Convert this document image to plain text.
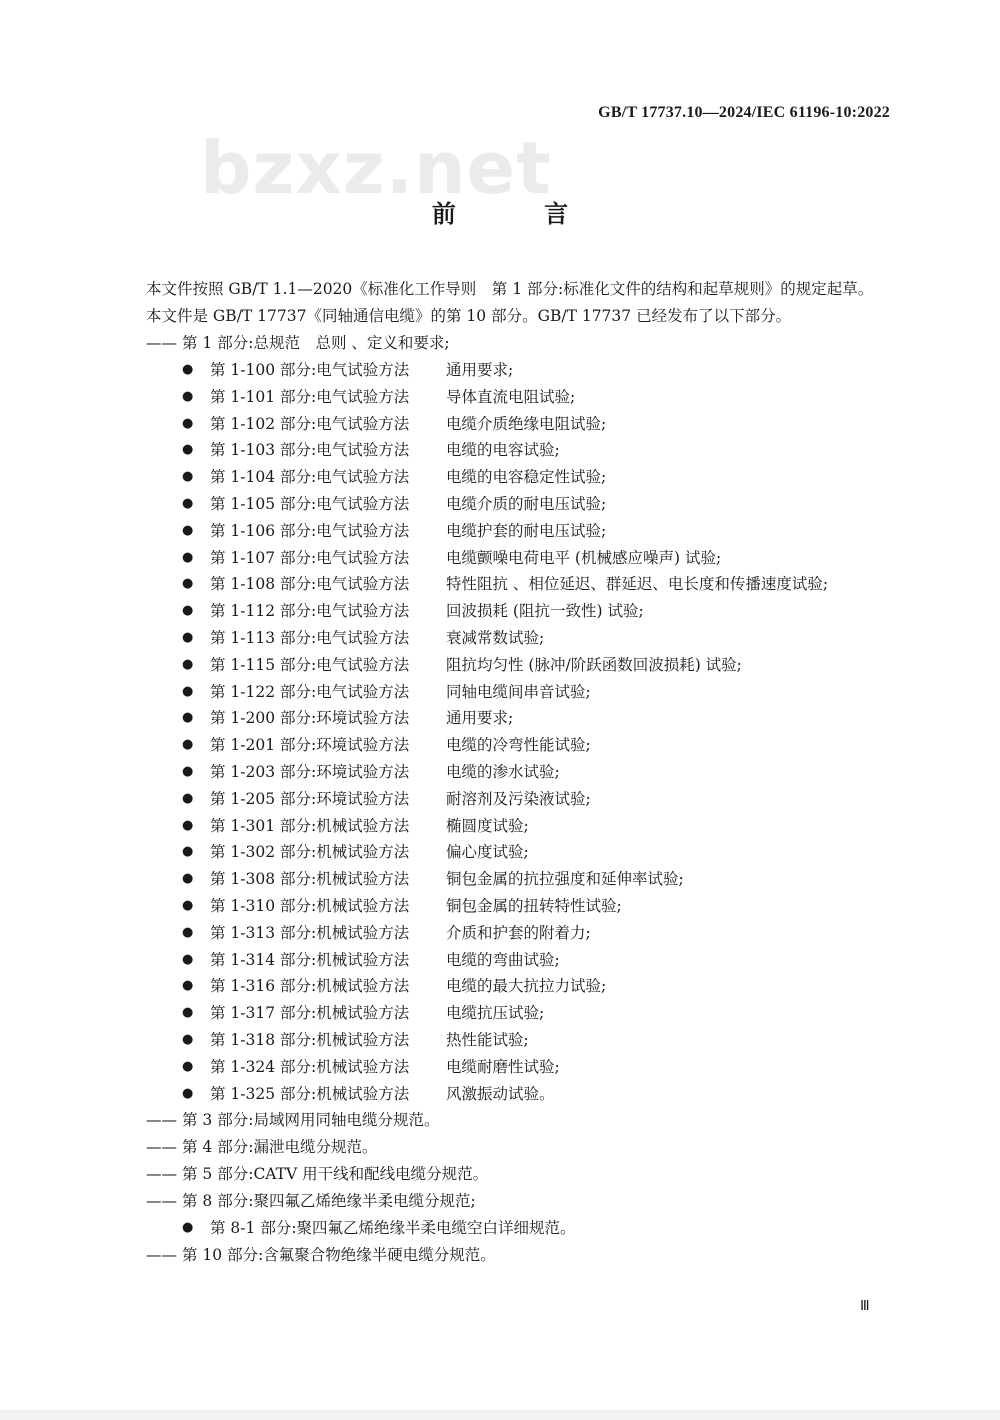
GB/T 17737.10—2024/IEC 61196-10:2022
bzxz.net
前 言

本文件按照 GB/T 1.1—2020《标准化工作导则　第 1 部分:标准化文件的结构和起草规则》的规定起草。

本文件是 GB/T 17737《同轴通信电缆》的第 10 部分。GB/T 17737 已经发布了以下部分。

—— 第 1 部分:总规范　总则 、定义和要求;

●	第 1-100 部分:电气试验方法	通用要求;
●	第 1-101 部分:电气试验方法	导体直流电阻试验;
●	第 1-102 部分:电气试验方法	电缆介质绝缘电阻试验;
●	第 1-103 部分:电气试验方法	电缆的电容试验;
●	第 1-104 部分:电气试验方法	电缆的电容稳定性试验;
●	第 1-105 部分:电气试验方法	电缆介质的耐电压试验;
●	第 1-106 部分:电气试验方法	电缆护套的耐电压试验;
●	第 1-107 部分:电气试验方法	电缆颤噪电荷电平 (机械感应噪声) 试验;
●	第 1-108 部分:电气试验方法	特性阻抗 、相位延迟、群延迟、电长度和传播速度试验;
●	第 1-112 部分:电气试验方法	回波损耗 (阻抗一致性) 试验;
●	第 1-113 部分:电气试验方法	衰减常数试验;
●	第 1-115 部分:电气试验方法	阻抗均匀性 (脉冲/阶跃函数回波损耗) 试验;
●	第 1-122 部分:电气试验方法	同轴电缆间串音试验;
●	第 1-200 部分:环境试验方法	通用要求;
●	第 1-201 部分:环境试验方法	电缆的冷弯性能试验;
●	第 1-203 部分:环境试验方法	电缆的渗水试验;
●	第 1-205 部分:环境试验方法	耐溶剂及污染液试验;
●	第 1-301 部分:机械试验方法	椭圆度试验;
●	第 1-302 部分:机械试验方法	偏心度试验;
●	第 1-308 部分:机械试验方法	铜包金属的抗拉强度和延伸率试验;
●	第 1-310 部分:机械试验方法	铜包金属的扭转特性试验;
●	第 1-313 部分:机械试验方法	介质和护套的附着力;
●	第 1-314 部分:机械试验方法	电缆的弯曲试验;
●	第 1-316 部分:机械试验方法	电缆的最大抗拉力试验;
●	第 1-317 部分:机械试验方法	电缆抗压试验;
●	第 1-318 部分:机械试验方法	热性能试验;
●	第 1-324 部分:机械试验方法	电缆耐磨性试验;
●	第 1-325 部分:机械试验方法	风激振动试验。

—— 第 3 部分:局域网用同轴电缆分规范。

—— 第 4 部分:漏泄电缆分规范。

—— 第 5 部分:CATV 用干线和配线电缆分规范。

—— 第 8 部分:聚四氟乙烯绝缘半柔电缆分规范;

●	第 8-1 部分:聚四氟乙烯绝缘半柔电缆空白详细规范。

—— 第 10 部分:含氟聚合物绝缘半硬电缆分规范。

Ⅲ
